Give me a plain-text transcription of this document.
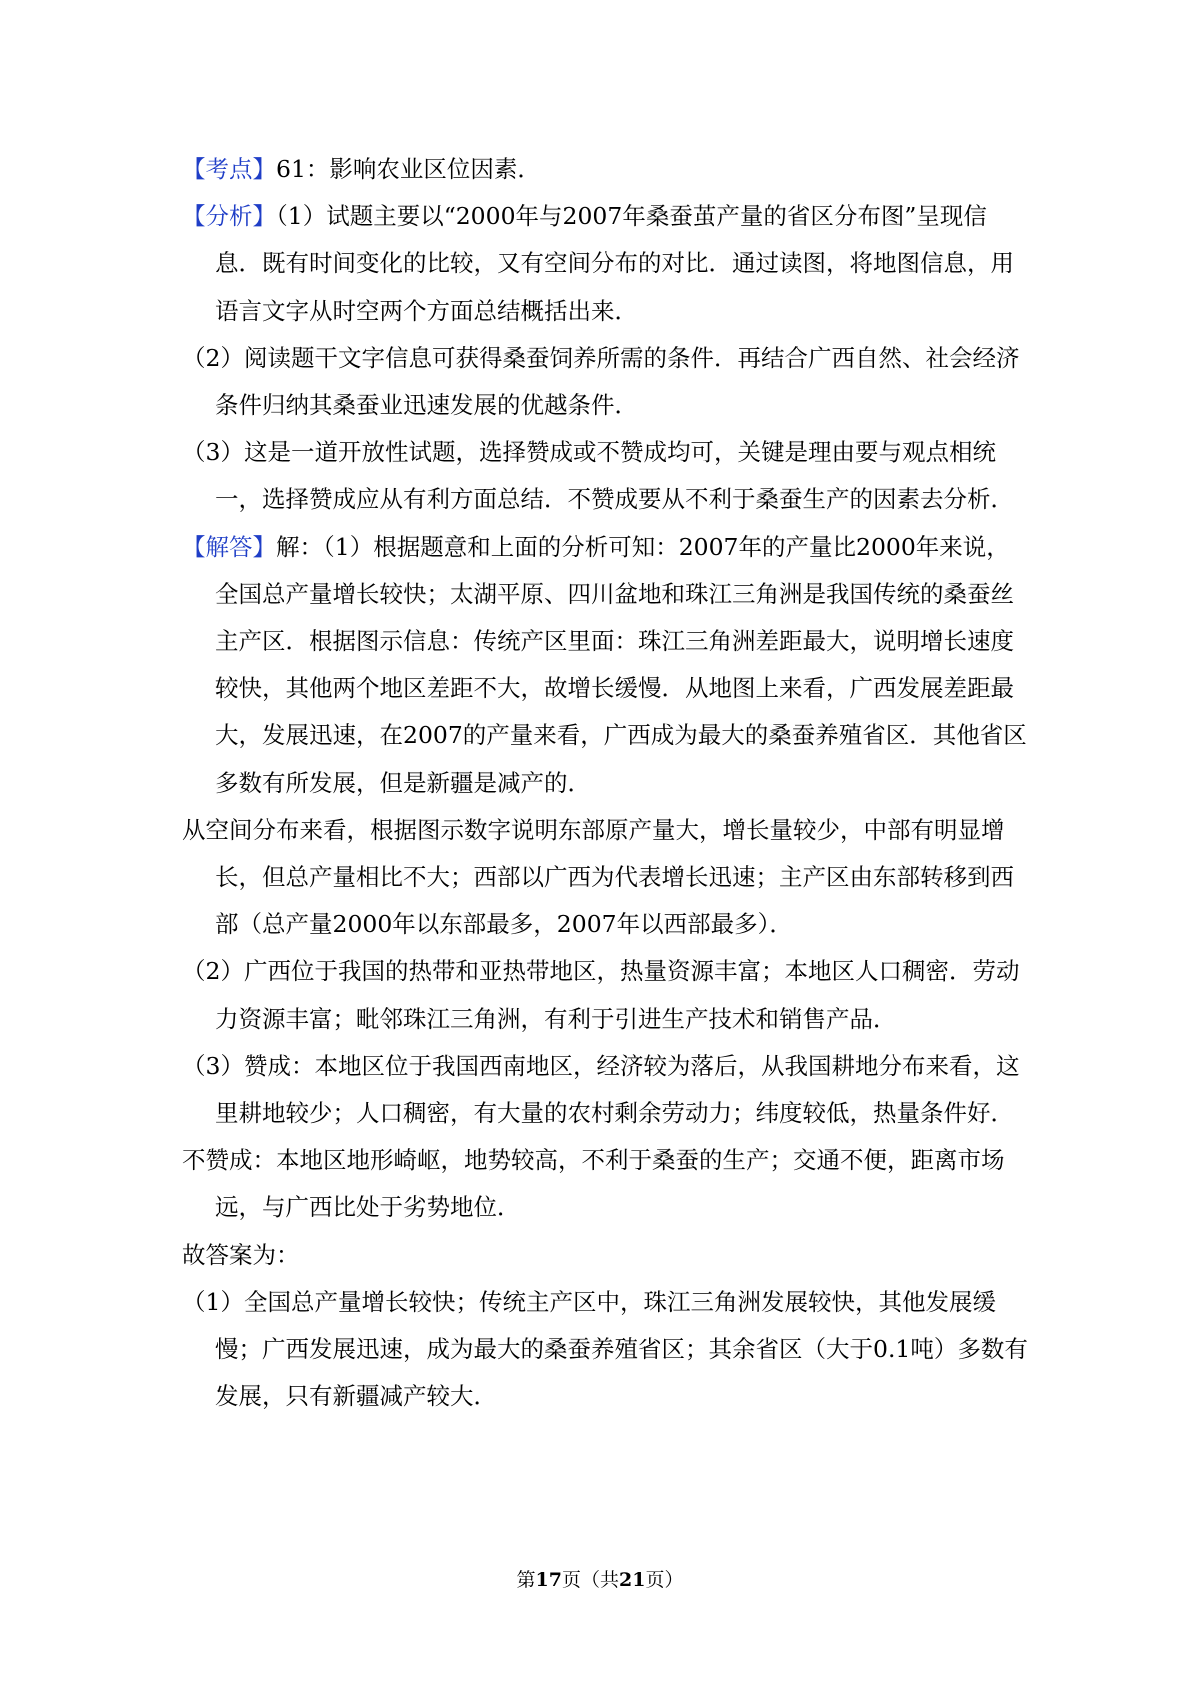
【考点】61：影响农业区位因素．

【分析】（1）试题主要以“2000年与2007年桑蚕茧产量的省区分布图”呈现信息．既有时间变化的比较，又有空间分布的对比．通过读图，将地图信息，用语言文字从时空两个方面总结概括出来．

（2）阅读题干文字信息可获得桑蚕饲养所需的条件．再结合广西自然、社会经济条件归纳其桑蚕业迅速发展的优越条件．

（3）这是一道开放性试题，选择赞成或不赞成均可，关键是理由要与观点相统一，选择赞成应从有利方面总结．不赞成要从不利于桑蚕生产的因素去分析．

【解答】解：（1）根据题意和上面的分析可知：2007年的产量比2000年来说，全国总产量增长较快；太湖平原、四川盆地和珠江三角洲是我国传统的桑蚕丝主产区．根据图示信息：传统产区里面：珠江三角洲差距最大，说明增长速度较快，其他两个地区差距不大，故增长缓慢．从地图上来看，广西发展差距最大，发展迅速，在2007的产量来看，广西成为最大的桑蚕养殖省区．其他省区多数有所发展，但是新疆是减产的．

从空间分布来看，根据图示数字说明东部原产量大，增长量较少，中部有明显增长，但总产量相比不大；西部以广西为代表增长迅速；主产区由东部转移到西部（总产量2000年以东部最多，2007年以西部最多）．

（2）广西位于我国的热带和亚热带地区，热量资源丰富；本地区人口稠密．劳动力资源丰富；毗邻珠江三角洲，有利于引进生产技术和销售产品．

（3）赞成：本地区位于我国西南地区，经济较为落后，从我国耕地分布来看，这里耕地较少；人口稠密，有大量的农村剩余劳动力；纬度较低，热量条件好．

不赞成：本地区地形崎岖，地势较高，不利于桑蚕的生产；交通不便，距离市场远，与广西比处于劣势地位．

故答案为：

（1）全国总产量增长较快；传统主产区中，珠江三角洲发展较快，其他发展缓慢；广西发展迅速，成为最大的桑蚕养殖省区；其余省区（大于0.1吨）多数有发展，只有新疆减产较大．

第17页（共21页）
